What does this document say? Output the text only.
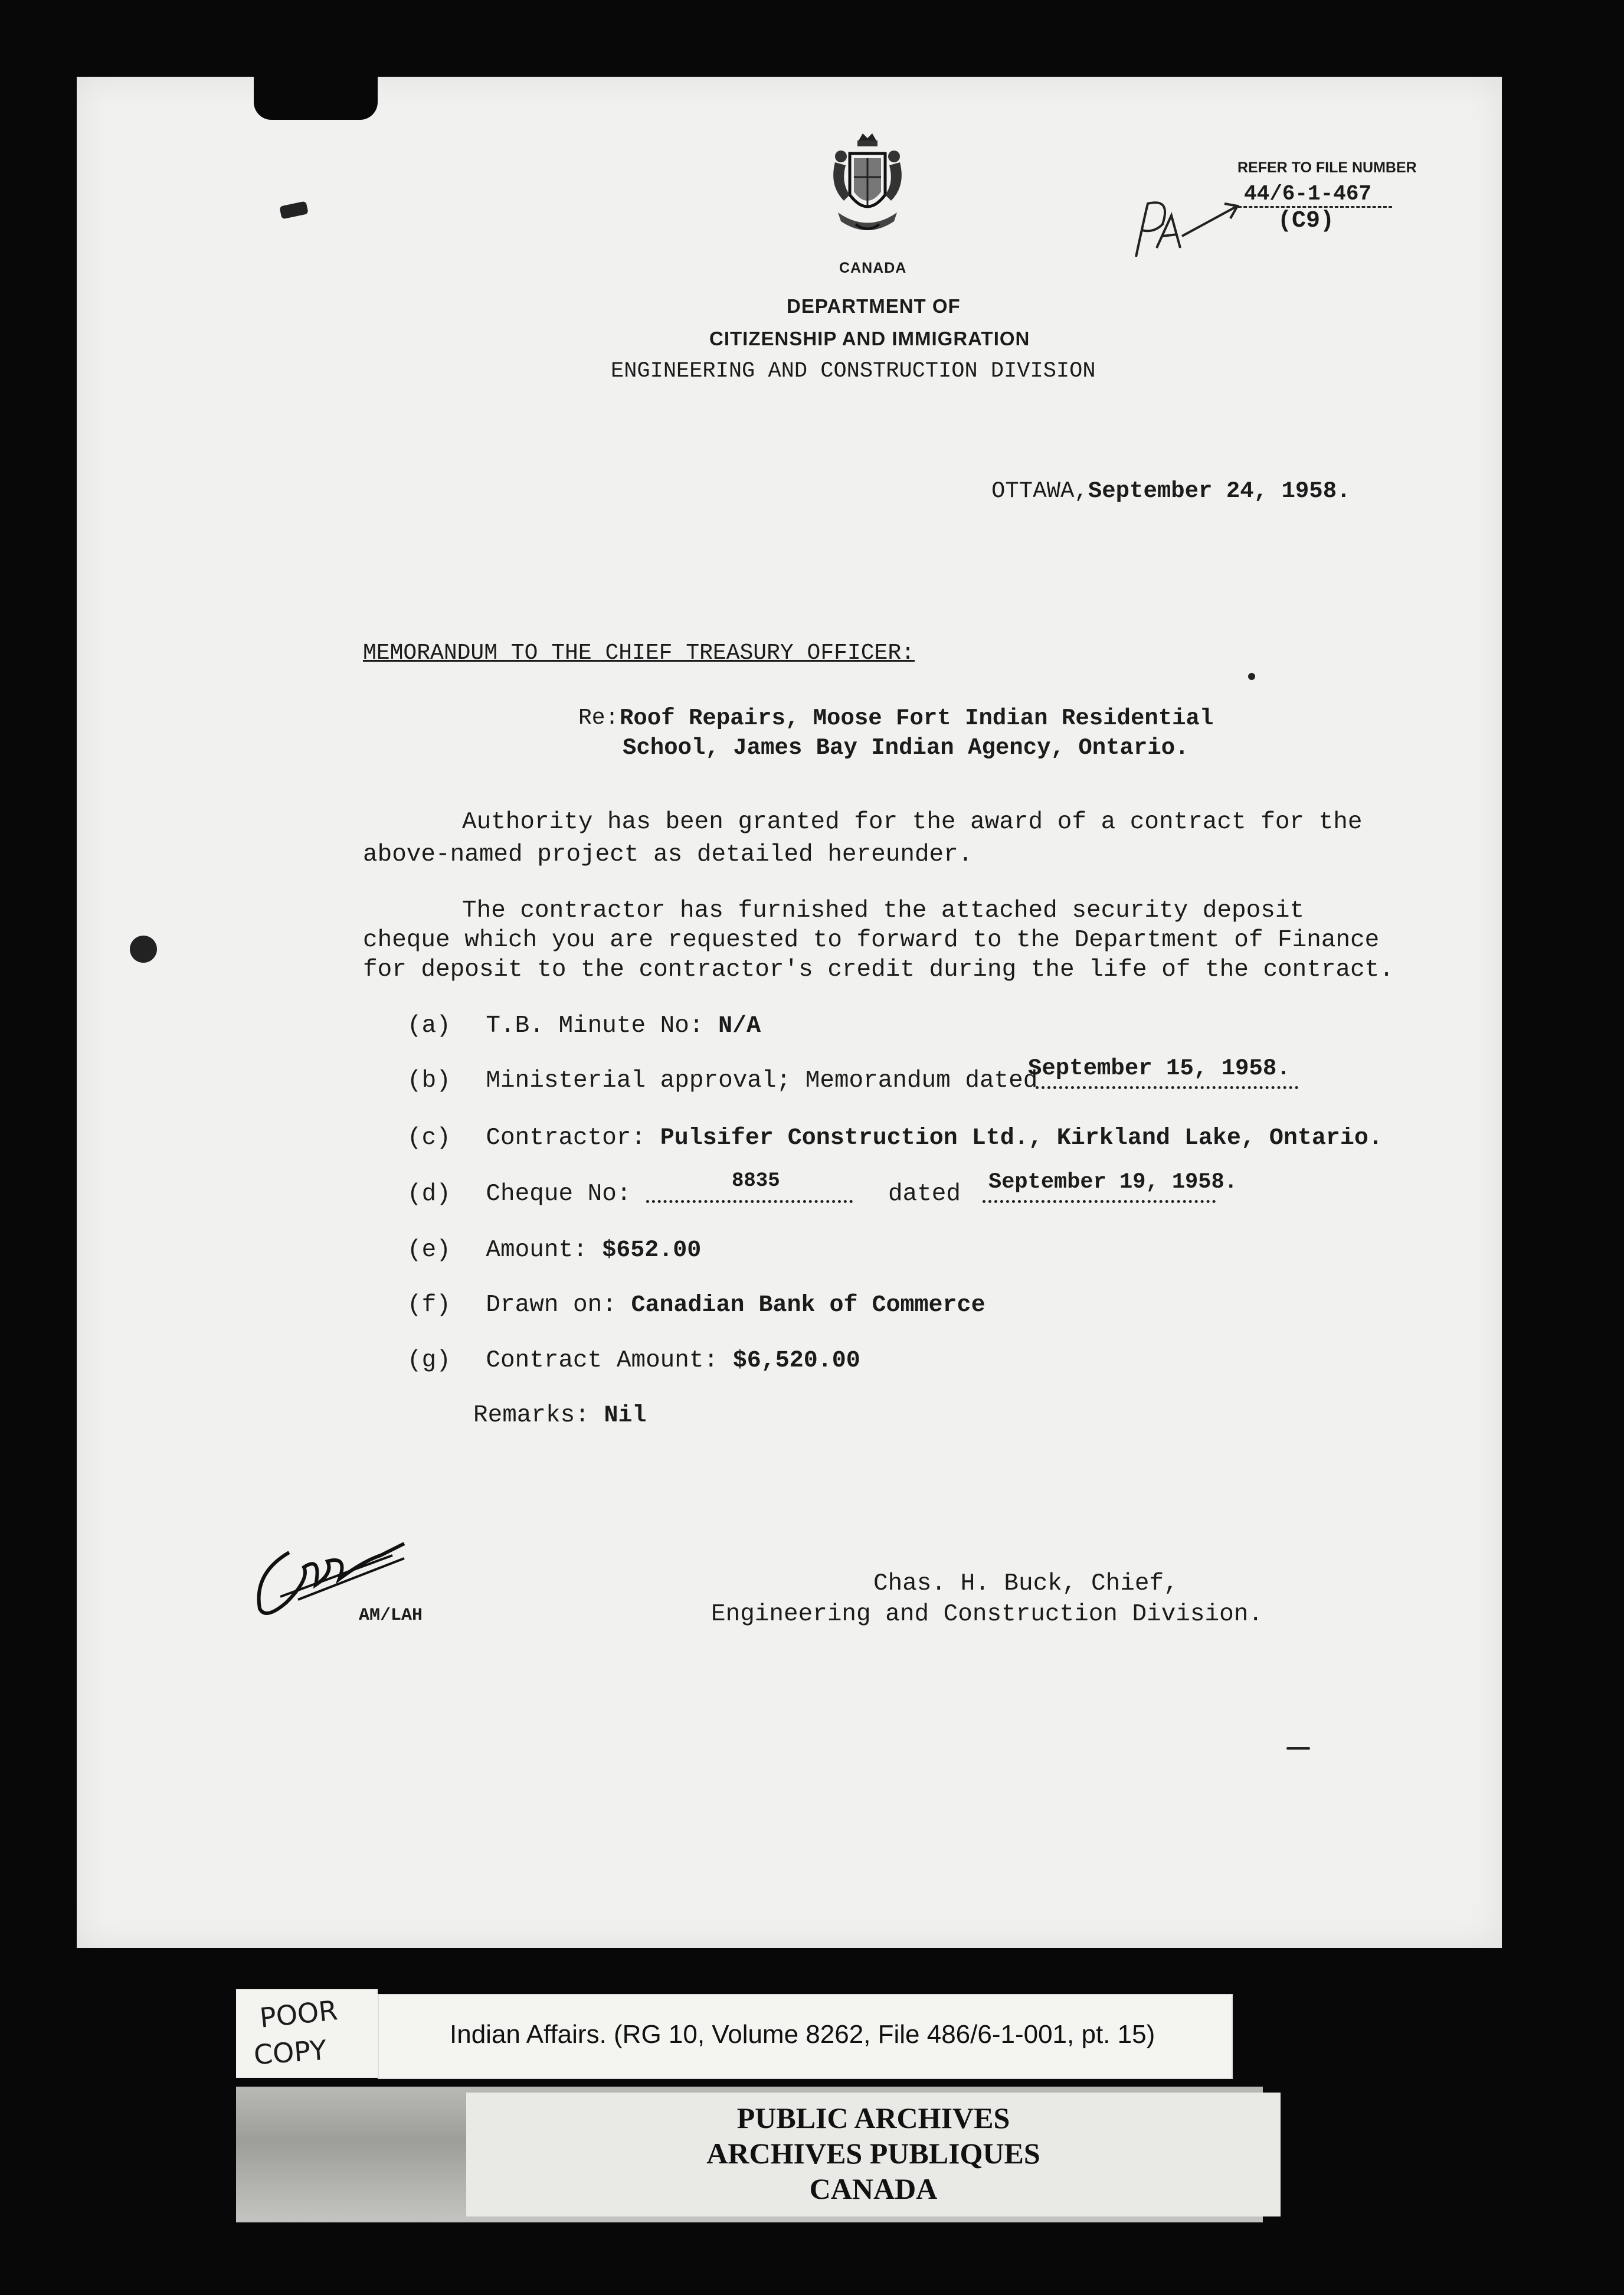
CANADA
DEPARTMENT OF
CITIZENSHIP AND IMMIGRATION
ENGINEERING AND CONSTRUCTION DIVISION
REFER TO FILE NUMBER
44/6-1-467
(C9)
OTTAWA,September 24, 1958.
MEMORANDUM TO THE CHIEF TREASURY OFFICER:
Re: Roof Repairs, Moose Fort Indian Residential
School, James Bay Indian Agency, Ontario.
Authority has been granted for the award of a contract for the
above-named project as detailed hereunder.
The contractor has furnished the attached security deposit
cheque which you are requested to forward to the Department of Finance
for deposit to the contractor's credit during the life of the contract.
(a) T.B. Minute No: N/A
(b) Ministerial approval; Memorandum dated
September 15, 1958.
(c) Contractor: Pulsifer Construction Ltd., Kirkland Lake, Ontario.
(d) Cheque No:	8835	dated September 19, 1958.
(e) Amount: $652.00
(f) Drawn on: Canadian Bank of Commerce
(g) Contract Amount: $6,520.00
Remarks: Nil
AM/LAH
Chas. H. Buck, Chief,
Engineering and Construction Division.
POOR
COPY	Indian Affairs. (RG 10, Volume 8262, File 486/6-1-001, pt. 15)
PUBLIC ARCHIVES
ARCHIVES PUBLIQUES
CANADA
